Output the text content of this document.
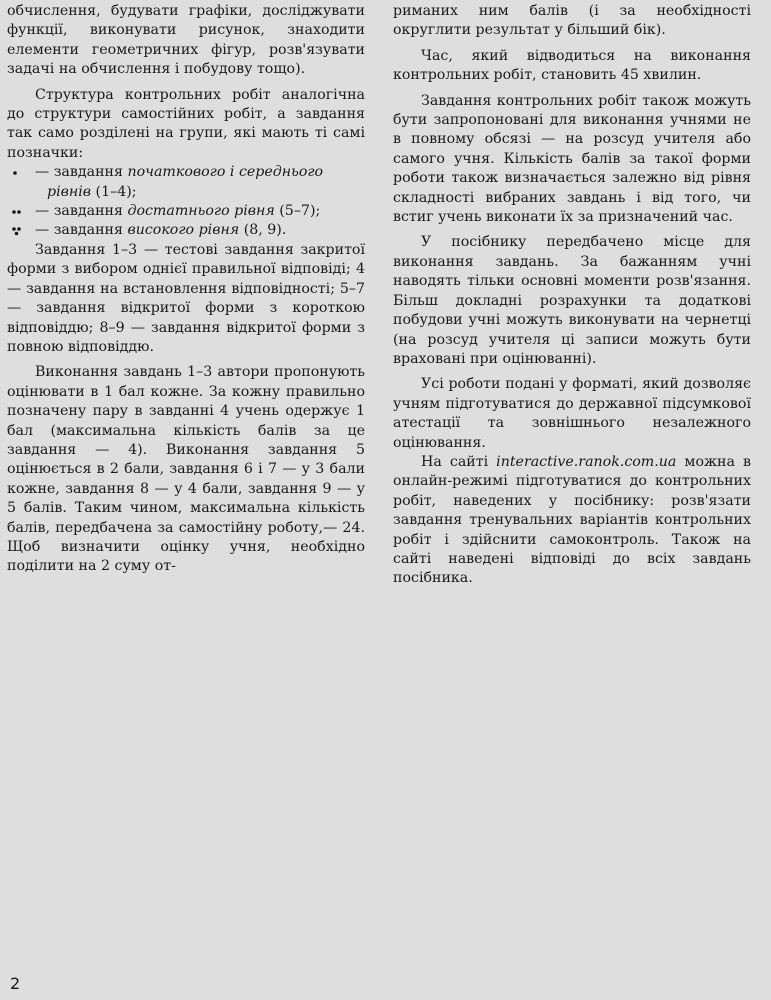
обчислення, будувати графіки, досліджувати функції, виконувати рисунок, знаходити елементи геометричних фігур, розв'язувати задачі на обчислення і побудову тощо).

Структура контрольних робіт аналогічна до структури самостійних робіт, а завдання так само розділені на групи, які мають ті самі позначки:

— завдання початкового і середнього рівнів (1–4);
— завдання достатнього рівня (5–7);
— завдання високого рівня (8, 9).

Завдання 1–3 — тестові завдання закритої форми з вибором однієї правильної відповіді; 4 — завдання на встановлення відповідності; 5–7 — завдання відкритої форми з короткою відповіддю; 8–9 — завдання відкритої форми з повною відповіддю.

Виконання завдань 1–3 автори пропонують оцінювати в 1 бал кожне. За кожну правильно позначену пару в завданні 4 учень одержує 1 бал (максимальна кількість балів за це завдання — 4). Виконання завдання 5 оцінюється в 2 бали, завдання 6 і 7 — у 3 бали кожне, завдання 8 — у 4 бали, завдання 9 — у 5 балів. Таким чином, максимальна кількість балів, передбачена за самостійну роботу,— 24. Щоб визначити оцінку учня, необхідно поділити на 2 суму от-

риманих ним балів (і за необхідності округлити результат у більший бік).

Час, який відводиться на виконання контрольних робіт, становить 45 хвилин.

Завдання контрольних робіт також можуть бути запропоновані для виконання учнями не в повному обсязі — на розсуд учителя або самого учня. Кількість балів за такої форми роботи також визначається залежно від рівня складності вибраних завдань і від того, чи встиг учень виконати їх за призначений час.

У посібнику передбачено місце для виконання завдань. За бажанням учні наводять тільки основні моменти розв'язання. Більш докладні розрахунки та додаткові побудови учні можуть виконувати на чернетці (на розсуд учителя ці записи можуть бути враховані при оцінюванні).

Усі роботи подані у форматі, який дозволяє учням підготуватися до державної підсумкової атестації та зовнішнього незалежного оцінювання.

На сайті interactive.ranok.com.ua можна в онлайн-режимі підготуватися до контрольних робіт, наведених у посібнику: розв'язати завдання тренувальних варіантів контрольних робіт і здійснити самоконтроль. Також на сайті наведені відповіді до всіх завдань посібника.

2
